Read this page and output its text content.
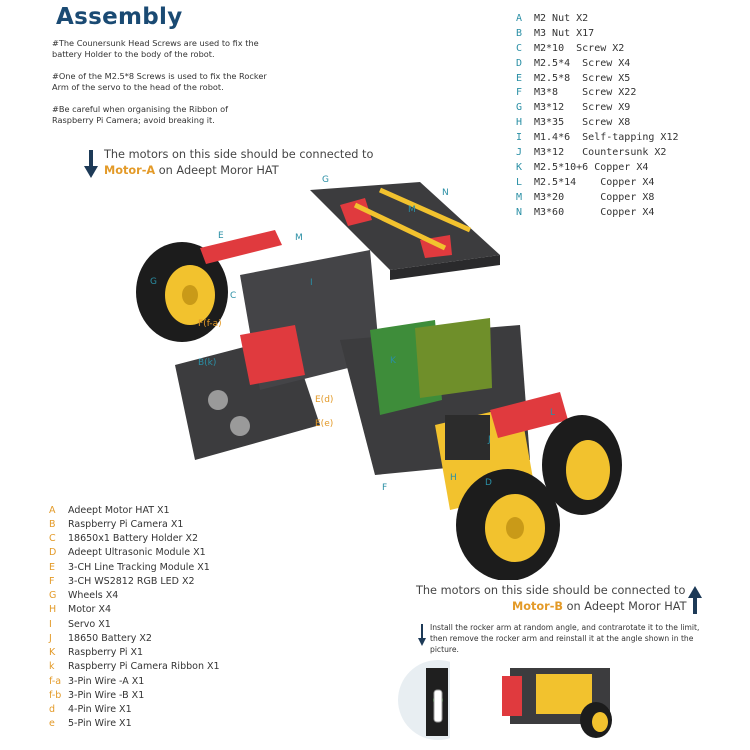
Assembly

#The Counersunk Head Screws are used to fix the
battery Holder to the body of the robot.

#One of the M2.5*8 Screws is used to fix the Rocker
Arm of the servo to the head of the robot.

#Be careful when organising the Ribbon of
Raspberry Pi Camera; avoid breaking it.

A	M2 Nut X2
B	M3 Nut X17
C	M2*10  Screw X2
D	M2.5*4  Screw X4
E	M2.5*8  Screw X5
F	M3*8    Screw X22
G	M3*12   Screw X9
H	M3*35   Screw X8
I	M1.4*6  Self-tapping X12
J	M3*12   Countersunk X2
K	M2.5*10+6 Copper X4
L	M2.5*14    Copper X4
M	M3*20      Copper X8
N	M3*60      Copper X4
The motors on this side should be connected to
Motor-A on Adeept Moror HAT
The motors on this side should be connected to
Motor-B on Adeept Moror HAT
A	Adeept Motor HAT X1
B	Raspberry Pi Camera X1
C	18650x1 Battery Holder X2
D	Adeept Ultrasonic Module X1
E	3-CH Line Tracking Module X1
F	3-CH WS2812 RGB LED X2
G	Wheels X4
H	Motor X4
I	Servo X1
J	18650 Battery X2
K	Raspberry Pi X1
k	Raspberry Pi Camera Ribbon X1
f-a 3-Pin Wire -A X1
f-b 3-Pin Wire -B X1
d	4-Pin Wire X1
e	5-Pin Wire X1
Install the rocker arm at random angle, and contrarotate it to the limit, then remove the rocker arm and reinstall it at the angle shown in the picture.
G
N
M
E	M
G
C
I
F(f-a)
B(k)	K
E(d)
E(e)
J
H	D
F
L
